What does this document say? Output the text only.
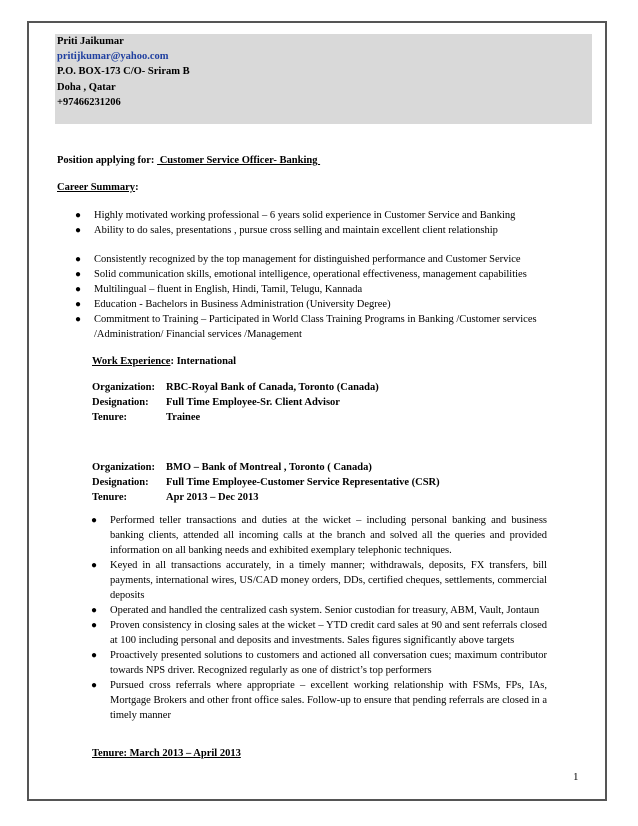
Priti Jaikumar
pritijkumar@yahoo.com
P.O. BOX-173 C/O- Sriram B
Doha , Qatar
+97466231206
Position applying for:  Customer Service Officer- Banking
Career Summary:
● Highly motivated working professional – 6 years solid experience in Customer Service and Banking
● Ability to do sales, presentations , pursue cross selling and maintain excellent client relationship
● Consistently recognized by the top management for distinguished performance and Customer Service
● Solid communication skills, emotional intelligence, operational effectiveness, management capabilities
● Multilingual – fluent in English, Hindi, Tamil, Telugu, Kannada
● Education - Bachelors in Business Administration (University Degree)
● Commitment to Training – Participated in World Class Training Programs in Banking /Customer services /Administration/ Financial services /Management
Work Experience: International
Organization:	RBC-Royal Bank of Canada, Toronto (Canada)
Designation:	Full Time Employee-Sr. Client Advisor
Tenure:	Trainee
Organization:	BMO – Bank of Montreal , Toronto ( Canada)
Designation:	Full Time Employee-Customer Service Representative (CSR)
Tenure:	Apr 2013 – Dec 2013
● Performed teller transactions and duties at the wicket – including personal banking and business banking clients, attended all incoming calls at the branch and solved all the queries and provided information on all banking needs and exhibited exemplary telephonic techniques.
● Keyed in all transactions accurately, in a timely manner; withdrawals, deposits, FX transfers, bill payments, international wires, US/CAD money orders, DDs, certified cheques, settlements, commercial deposits
● Operated and handled the centralized cash system. Senior custodian for treasury, ABM, Vault, Jontaun
● Proven consistency in closing sales at the wicket – YTD credit card sales at 90 and sent referrals closed at 100 including personal and deposits and investments. Sales figures significantly above targets
● Proactively presented solutions to customers and actioned all conversation cues; maximum contributor towards NPS driver. Recognized regularly as one of district’s top performers
● Pursued cross referrals where appropriate – excellent working relationship with FSMs, FPs, IAs, Mortgage Brokers and other front office sales. Follow-up to ensure that pending referrals are closed in a timely manner
Tenure: March 2013 – April 2013
1
